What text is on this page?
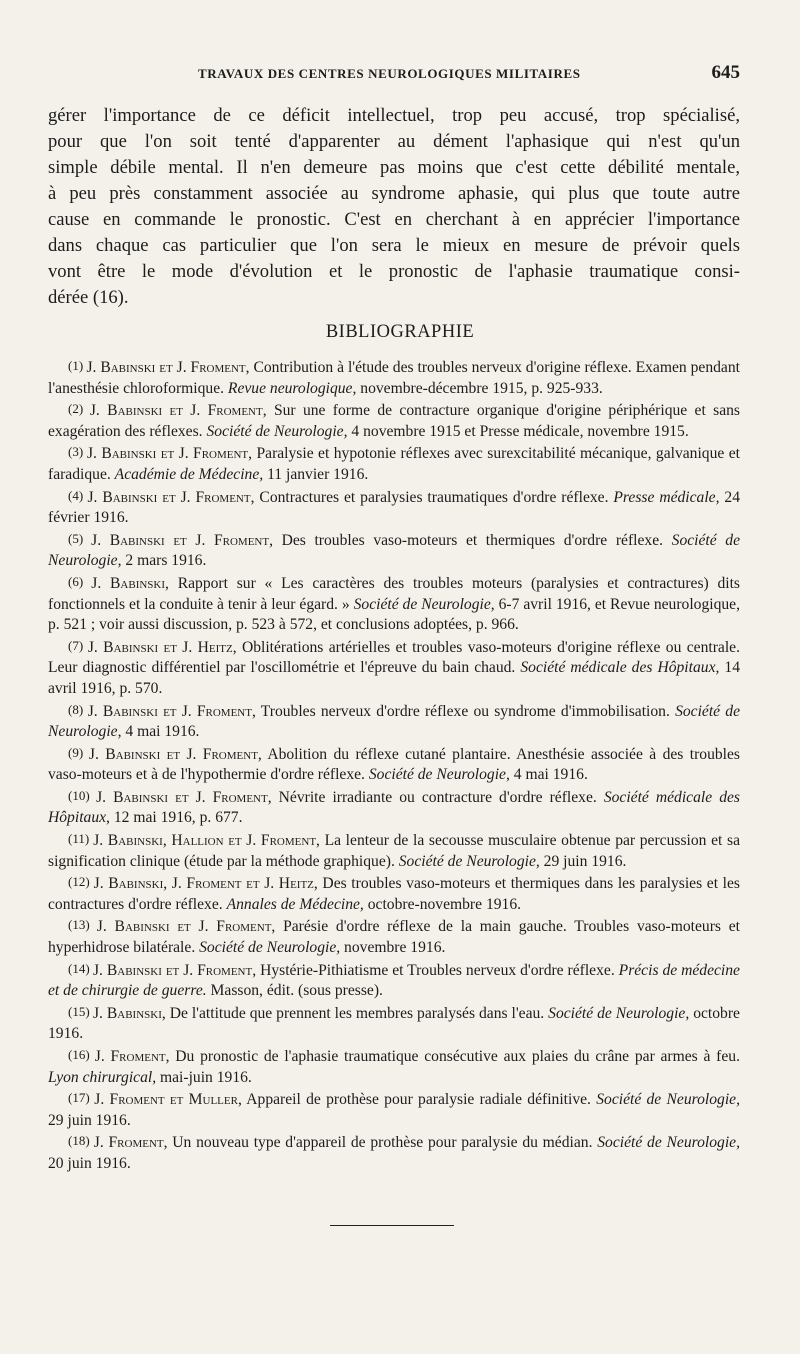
TRAVAUX DES CENTRES NEUROLOGIQUES MILITAIRES	645
gérer l'importance de ce déficit intellectuel, trop peu accusé, trop spécialisé,
pour que l'on soit tenté d'apparenter au dément l'aphasique qui n'est qu'un
simple débile mental. Il n'en demeure pas moins que c'est cette débilité mentale,
à peu près constamment associée au syndrome aphasie, qui plus que toute autre
cause en commande le pronostic. C'est en cherchant à en apprécier l'importance
dans chaque cas particulier que l'on sera le mieux en mesure de prévoir quels
vont être le mode d'évolution et le pronostic de l'aphasie traumatique consi-
dérée (16).
BIBLIOGRAPHIE

(1) J. Babinski et J. Froment, Contribution à l'étude des troubles nerveux d'origine réflexe. Examen pendant l'anesthésie chloroformique. Revue neurologique, novembre-décembre 1915, p. 925-933.

(2) J. Babinski et J. Froment, Sur une forme de contracture organique d'origine périphérique et sans exagération des réflexes. Société de Neurologie, 4 novembre 1915 et Presse médicale, novembre 1915.

(3) J. Babinski et J. Froment, Paralysie et hypotonie réflexes avec surexcitabilité mécanique, galvanique et faradique. Académie de Médecine, 11 janvier 1916.

(4) J. Babinski et J. Froment, Contractures et paralysies traumatiques d'ordre réflexe. Presse médicale, 24 février 1916.

(5) J. Babinski et J. Froment, Des troubles vaso-moteurs et thermiques d'ordre réflexe. Société de Neurologie, 2 mars 1916.

(6) J. Babinski, Rapport sur « Les caractères des troubles moteurs (paralysies et contractures) dits fonctionnels et la conduite à tenir à leur égard. » Société de Neurologie, 6-7 avril 1916, et Revue neurologique, p. 521 ; voir aussi discussion, p. 523 à 572, et conclusions adoptées, p. 966.

(7) J. Babinski et J. Heitz, Oblitérations artérielles et troubles vaso-moteurs d'origine réflexe ou centrale. Leur diagnostic différentiel par l'oscillométrie et l'épreuve du bain chaud. Société médicale des Hôpitaux, 14 avril 1916, p. 570.

(8) J. Babinski et J. Froment, Troubles nerveux d'ordre réflexe ou syndrome d'immobilisation. Société de Neurologie, 4 mai 1916.

(9) J. Babinski et J. Froment, Abolition du réflexe cutané plantaire. Anesthésie associée à des troubles vaso-moteurs et à de l'hypothermie d'ordre réflexe. Société de Neurologie, 4 mai 1916.

(10) J. Babinski et J. Froment, Névrite irradiante ou contracture d'ordre réflexe. Société médicale des Hôpitaux, 12 mai 1916, p. 677.

(11) J. Babinski, Hallion et J. Froment, La lenteur de la secousse musculaire obtenue par percussion et sa signification clinique (étude par la méthode graphique). Société de Neurologie, 29 juin 1916.

(12) J. Babinski, J. Froment et J. Heitz, Des troubles vaso-moteurs et thermiques dans les paralysies et les contractures d'ordre réflexe. Annales de Médecine, octobre-novembre 1916.

(13) J. Babinski et J. Froment, Parésie d'ordre réflexe de la main gauche. Troubles vaso-moteurs et hyperhidrose bilatérale. Société de Neurologie, novembre 1916.

(14) J. Babinski et J. Froment, Hystérie-Pithiatisme et Troubles nerveux d'ordre réflexe. Précis de médecine et de chirurgie de guerre. Masson, édit. (sous presse).

(15) J. Babinski, De l'attitude que prennent les membres paralysés dans l'eau. Société de Neurologie, octobre 1916.

(16) J. Froment, Du pronostic de l'aphasie traumatique consécutive aux plaies du crâne par armes à feu. Lyon chirurgical, mai-juin 1916.

(17) J. Froment et Muller, Appareil de prothèse pour paralysie radiale définitive. Société de Neurologie, 29 juin 1916.

(18) J. Froment, Un nouveau type d'appareil de prothèse pour paralysie du médian. Société de Neurologie, 20 juin 1916.
